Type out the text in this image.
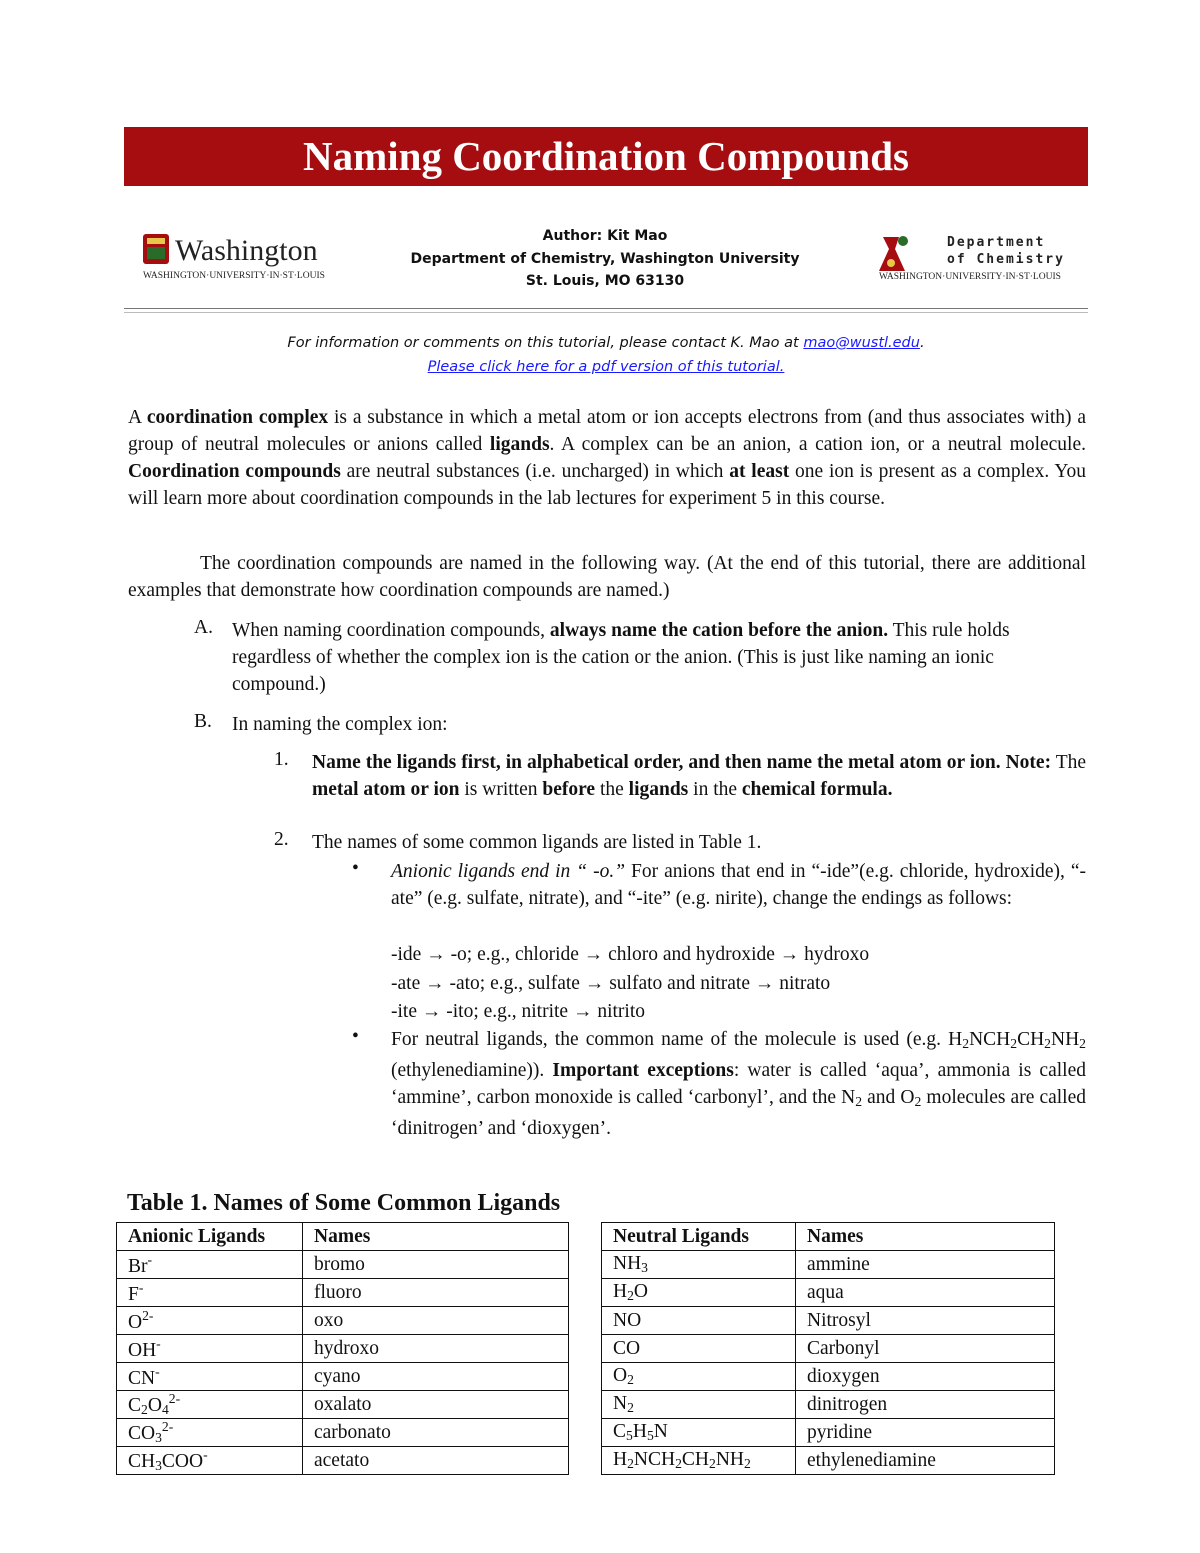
Naming Coordination Compounds
Washington
WASHINGTON·UNIVERSITY·IN·ST·LOUIS
Author: Kit Mao
Department of Chemistry, Washington University
St. Louis, MO 63130
Department
of Chemistry
WASHINGTON·UNIVERSITY·IN·ST·LOUIS
For information or comments on this tutorial, please contact K. Mao at mao@wustl.edu.
Please click here for a pdf version of this tutorial.
A coordination complex is a substance in which a metal atom or ion accepts electrons from (and thus associates with) a group of neutral molecules or anions called ligands. A complex can be an anion, a cation ion, or a neutral molecule. Coordination compounds are neutral substances (i.e. uncharged) in which at least one ion is present as a complex. You will learn more about coordination compounds in the lab lectures for experiment 5 in this course.
The coordination compounds are named in the following way. (At the end of this tutorial, there are additional examples that demonstrate how coordination compounds are named.)
A. When naming coordination compounds, always name the cation before the anion. This rule holds regardless of whether the complex ion is the cation or the anion. (This is just like naming an ionic compound.)
B. In naming the complex ion:
1. Name the ligands first, in alphabetical order, and then name the metal atom or ion. Note: The metal atom or ion is written before the ligands in the chemical formula.
2. The names of some common ligands are listed in Table 1.
• Anionic ligands end in “ -o.” For anions that end in “-ide”(e.g. chloride, hydroxide), “-ate” (e.g. sulfate, nitrate), and “-ite” (e.g. nirite), change the endings as follows:
-ide → -o; e.g., chloride → chloro and hydroxide → hydroxo
-ate → -ato; e.g., sulfate → sulfato and nitrate → nitrato
-ite → -ito; e.g., nitrite → nitrito
• For neutral ligands, the common name of the molecule is used (e.g. $H_2NCH_2CH_2NH_2$ (ethylenediamine)). Important exceptions: water is called ‘aqua’, ammonia is called ‘ammine’, carbon monoxide is called ‘carbonyl’, and the $N_2$ and $O_2$ molecules are called ‘dinitrogen’ and ‘dioxygen’.
Table 1. Names of Some Common Ligands
Anionic Ligands	Names
Br-	bromo
F-	fluoro
$O^{2-}$	oxo
OH-	hydroxo
CN-	cyano
$C_2O_4^{2-}$	oxalato
$CO_3^{2-}$	carbonato
$CH_3COO^-$	acetato
Neutral Ligands	Names
$NH_3$	ammine
$H_2O$	aqua
NO	Nitrosyl
CO	Carbonyl
$O_2$	dioxygen
$N_2$	dinitrogen
$C_5H_5N$	pyridine
$H_2NCH_2CH_2NH_2$	ethylenediamine
